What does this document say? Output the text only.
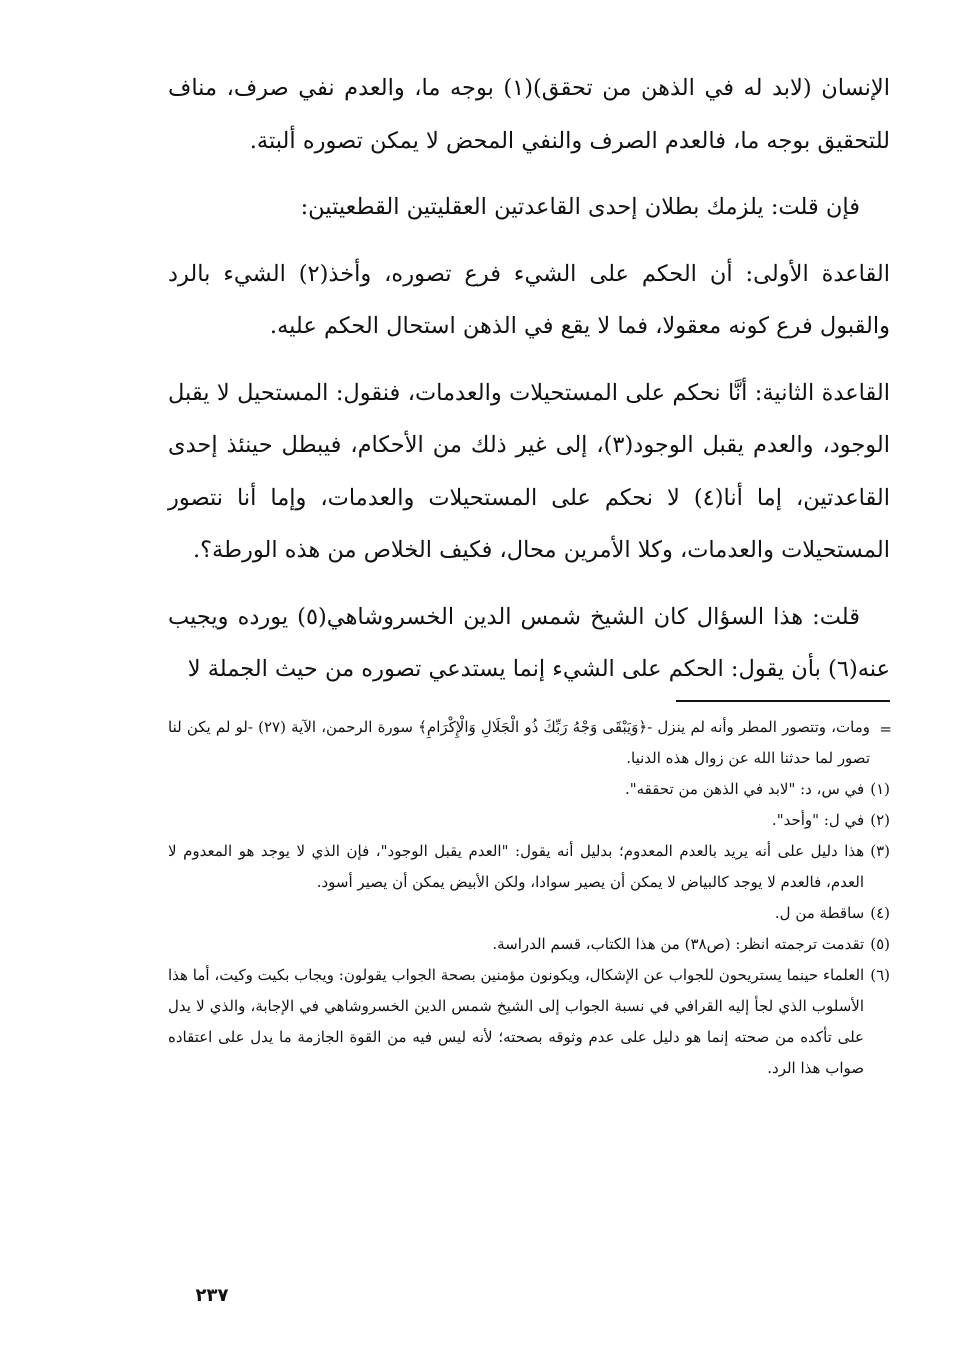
الإنسان (لابد له في الذهن من تحقق)(١) بوجه ما، والعدم نفي صرف، مناف للتحقيق بوجه ما، فالعدم الصرف والنفي المحض لا يمكن تصوره ألبتة.

فإن قلت: يلزمك بطلان إحدى القاعدتين العقليتين القطعيتين:

القاعدة الأولى: أن الحكم على الشيء فرع تصوره، وأخذ(٢) الشيء بالرد والقبول فرع كونه معقولا، فما لا يقع في الذهن استحال الحكم عليه.

القاعدة الثانية: أنَّا نحكم على المستحيلات والعدمات، فنقول: المستحيل لا يقبل الوجود، والعدم يقبل الوجود(٣)، إلى غير ذلك من الأحكام، فيبطل حينئذ إحدى القاعدتين، إما أنا(٤) لا نحكم على المستحيلات والعدمات، وإما أنا نتصور المستحيلات والعدمات، وكلا الأمرين محال، فكيف الخلاص من هذه الورطة؟.

قلت: هذا السؤال كان الشيخ شمس الدين الخسروشاهي(٥) يورده ويجيب عنه(٦) بأن يقول: الحكم على الشيء إنما يستدعي تصوره من حيث الجملة لا

=
ومات، وتتصور المطر وأنه لم ينزل -﴿وَيَبْقَى وَجْهُ رَبِّكَ ذُو الْجَلَالِ وَالْإِكْرَامِ﴾ سورة الرحمن، الآية (٢٧) -لو لم يكن لنا تصور لما حدثنا الله عن زوال هذه الدنيا.

(١)في س، د: "لابد في الذهن من تحققه".

(٢)في ل: "وأحد".

(٣)هذا دليل على أنه يريد بالعدم المعدوم؛ بدليل أنه يقول: "العدم يقبل الوجود"، فإن الذي لا يوجد هو المعدوم لا العدم، فالعدم لا يوجد كالبياض لا يمكن أن يصير سوادا، ولكن الأبيض يمكن أن يصير أسود.

(٤)ساقطة من ل.

(٥)تقدمت ترجمته انظر: (ص٣٨) من هذا الكتاب، قسم الدراسة.

(٦)العلماء حينما يستريحون للجواب عن الإشكال، ويكونون مؤمنين بصحة الجواب يقولون: ويجاب بكيت وكيت، أما هذا الأسلوب الذي لجأ إليه القرافي في نسبة الجواب إلى الشيخ شمس الدين الخسروشاهي في الإجابة، والذي لا يدل على تأكده من صحته إنما هو دليل على عدم وثوقه بصحته؛ لأنه ليس فيه من القوة الجازمة ما يدل على اعتقاده صواب هذا الرد.

٢٣٧
